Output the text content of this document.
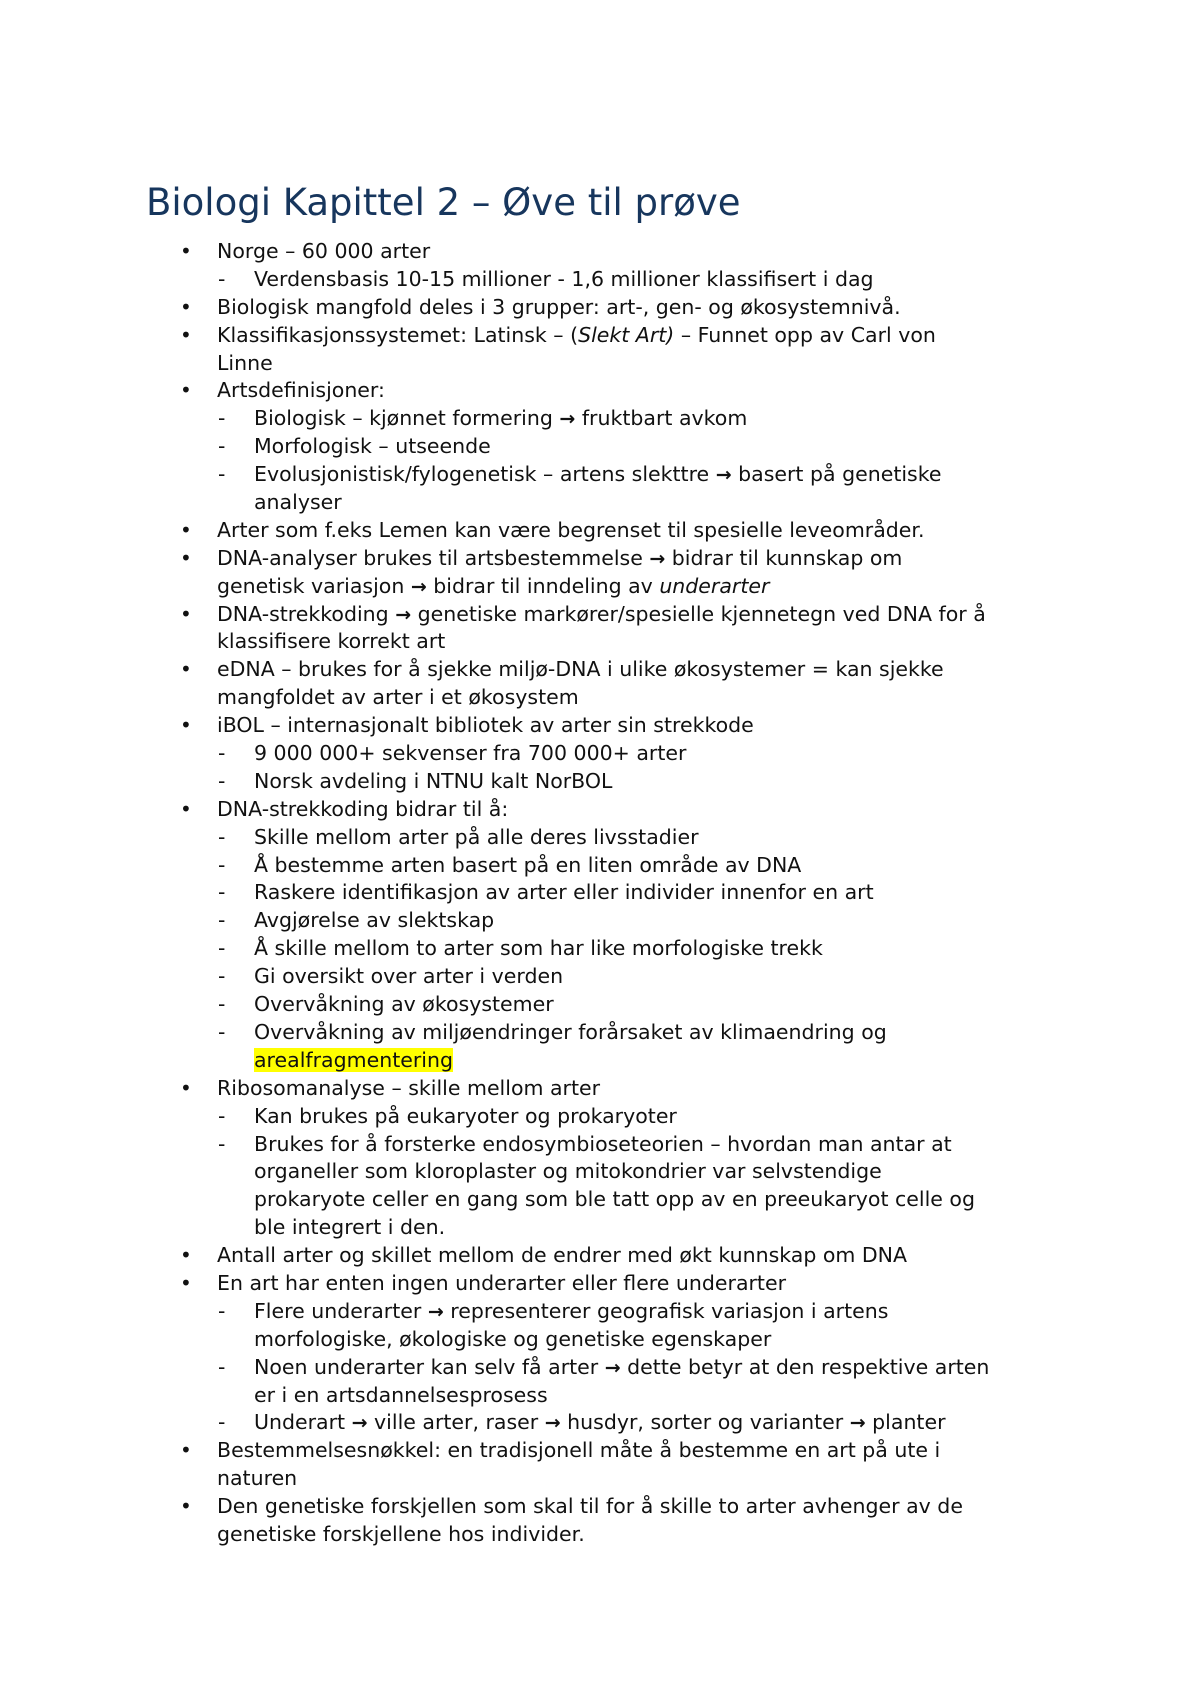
Biologi Kapittel 2 – Øve til prøve
• Norge – 60 000 arter
- Verdensbasis 10-15 millioner - 1,6 millioner klassifisert i dag
• Biologisk mangfold deles i 3 grupper: art-, gen- og økosystemnivå.
• Klassifikasjonssystemet: Latinsk – (Slekt Art) – Funnet opp av Carl von
Linne
• Artsdefinisjoner:
- Biologisk – kjønnet formering → fruktbart avkom
- Morfologisk – utseende
- Evolusjonistisk/fylogenetisk – artens slekttre → basert på genetiske
analyser
• Arter som f.eks Lemen kan være begrenset til spesielle leveområder.
• DNA-analyser brukes til artsbestemmelse → bidrar til kunnskap om
genetisk variasjon → bidrar til inndeling av underarter
• DNA-strekkoding → genetiske markører/spesielle kjennetegn ved DNA for å
klassifisere korrekt art
• eDNA – brukes for å sjekke miljø-DNA i ulike økosystemer = kan sjekke
mangfoldet av arter i et økosystem
• iBOL – internasjonalt bibliotek av arter sin strekkode
- 9 000 000+ sekvenser fra 700 000+ arter
- Norsk avdeling i NTNU kalt NorBOL
• DNA-strekkoding bidrar til å:
- Skille mellom arter på alle deres livsstadier
- Å bestemme arten basert på en liten område av DNA
- Raskere identifikasjon av arter eller individer innenfor en art
- Avgjørelse av slektskap
- Å skille mellom to arter som har like morfologiske trekk
- Gi oversikt over arter i verden
- Overvåkning av økosystemer
- Overvåkning av miljøendringer forårsaket av klimaendring og
arealfragmentering
• Ribosomanalyse – skille mellom arter
- Kan brukes på eukaryoter og prokaryoter
- Brukes for å forsterke endosymbioseteorien – hvordan man antar at
organeller som kloroplaster og mitokondrier var selvstendige
prokaryote celler en gang som ble tatt opp av en preeukaryot celle og
ble integrert i den.
• Antall arter og skillet mellom de endrer med økt kunnskap om DNA
• En art har enten ingen underarter eller flere underarter
- Flere underarter → representerer geografisk variasjon i artens
morfologiske, økologiske og genetiske egenskaper
- Noen underarter kan selv få arter → dette betyr at den respektive arten
er i en artsdannelsesprosess
- Underart → ville arter, raser → husdyr, sorter og varianter → planter
• Bestemmelsesnøkkel: en tradisjonell måte å bestemme en art på ute i
naturen
• Den genetiske forskjellen som skal til for å skille to arter avhenger av de
genetiske forskjellene hos individer.
